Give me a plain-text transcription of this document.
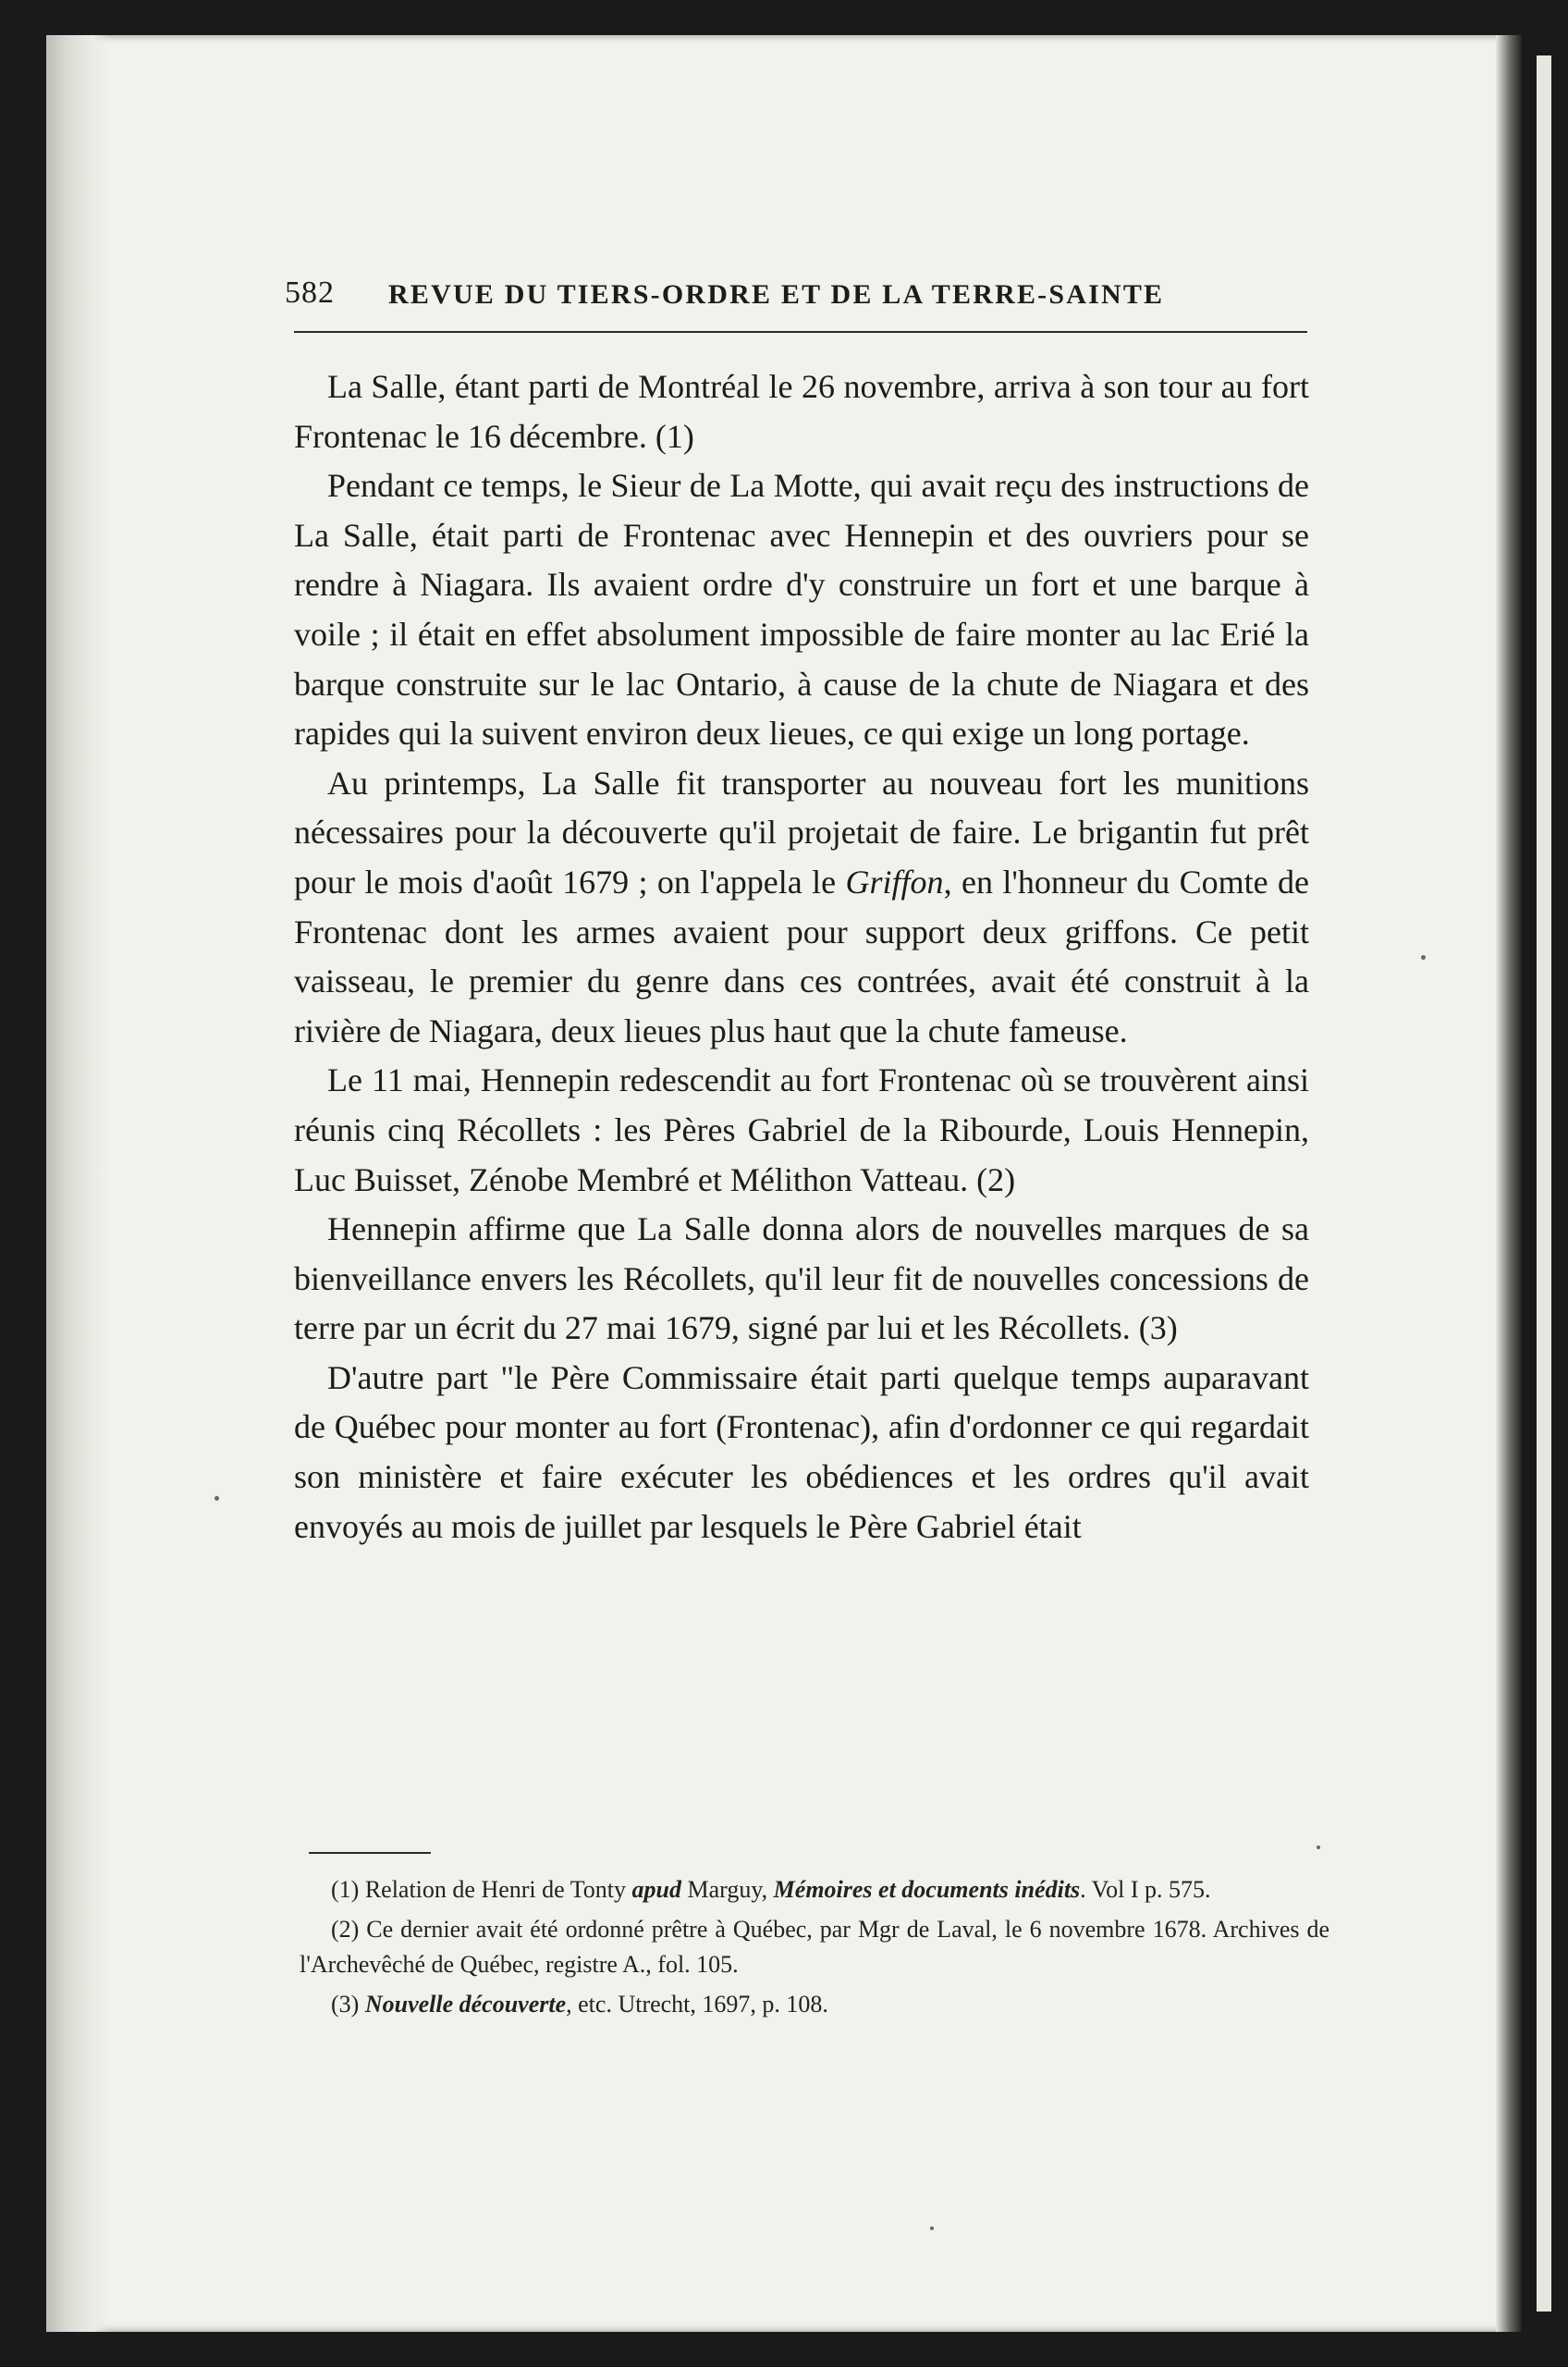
582 REVUE DU TIERS-ORDRE ET DE LA TERRE-SAINTE

La Salle, étant parti de Montréal le 26 novembre, arriva à son tour au fort Frontenac le 16 décembre. (1)

Pendant ce temps, le Sieur de La Motte, qui avait reçu des instructions de La Salle, était parti de Frontenac avec Hennepin et des ouvriers pour se rendre à Niagara. Ils avaient ordre d'y construire un fort et une barque à voile ; il était en effet absolument impossible de faire monter au lac Erié la barque construite sur le lac Ontario, à cause de la chute de Niagara et des rapides qui la suivent environ deux lieues, ce qui exige un long portage.

Au printemps, La Salle fit transporter au nouveau fort les munitions nécessaires pour la découverte qu'il projetait de faire. Le brigantin fut prêt pour le mois d'août 1679 ; on l'appela le Griffon, en l'honneur du Comte de Frontenac dont les armes avaient pour support deux griffons. Ce petit vaisseau, le premier du genre dans ces contrées, avait été construit à la rivière de Niagara, deux lieues plus haut que la chute fameuse.

Le 11 mai, Hennepin redescendit au fort Frontenac où se trouvèrent ainsi réunis cinq Récollets : les Pères Gabriel de la Ribourde, Louis Hennepin, Luc Buisset, Zénobe Membré et Mélithon Vatteau. (2)

Hennepin affirme que La Salle donna alors de nouvelles marques de sa bienveillance envers les Récollets, qu'il leur fit de nouvelles concessions de terre par un écrit du 27 mai 1679, signé par lui et les Récollets. (3)

D'autre part "le Père Commissaire était parti quelque temps auparavant de Québec pour monter au fort (Frontenac), afin d'ordonner ce qui regardait son ministère et faire exécuter les obédiences et les ordres qu'il avait envoyés au mois de juillet par lesquels le Père Gabriel était

(1) Relation de Henri de Tonty apud Marguy, Mémoires et documents inédits. Vol I p. 575.

(2) Ce dernier avait été ordonné prêtre à Québec, par Mgr de Laval, le 6 novembre 1678. Archives de l'Archevêché de Québec, registre A., fol. 105.

(3) Nouvelle découverte, etc. Utrecht, 1697, p. 108.
